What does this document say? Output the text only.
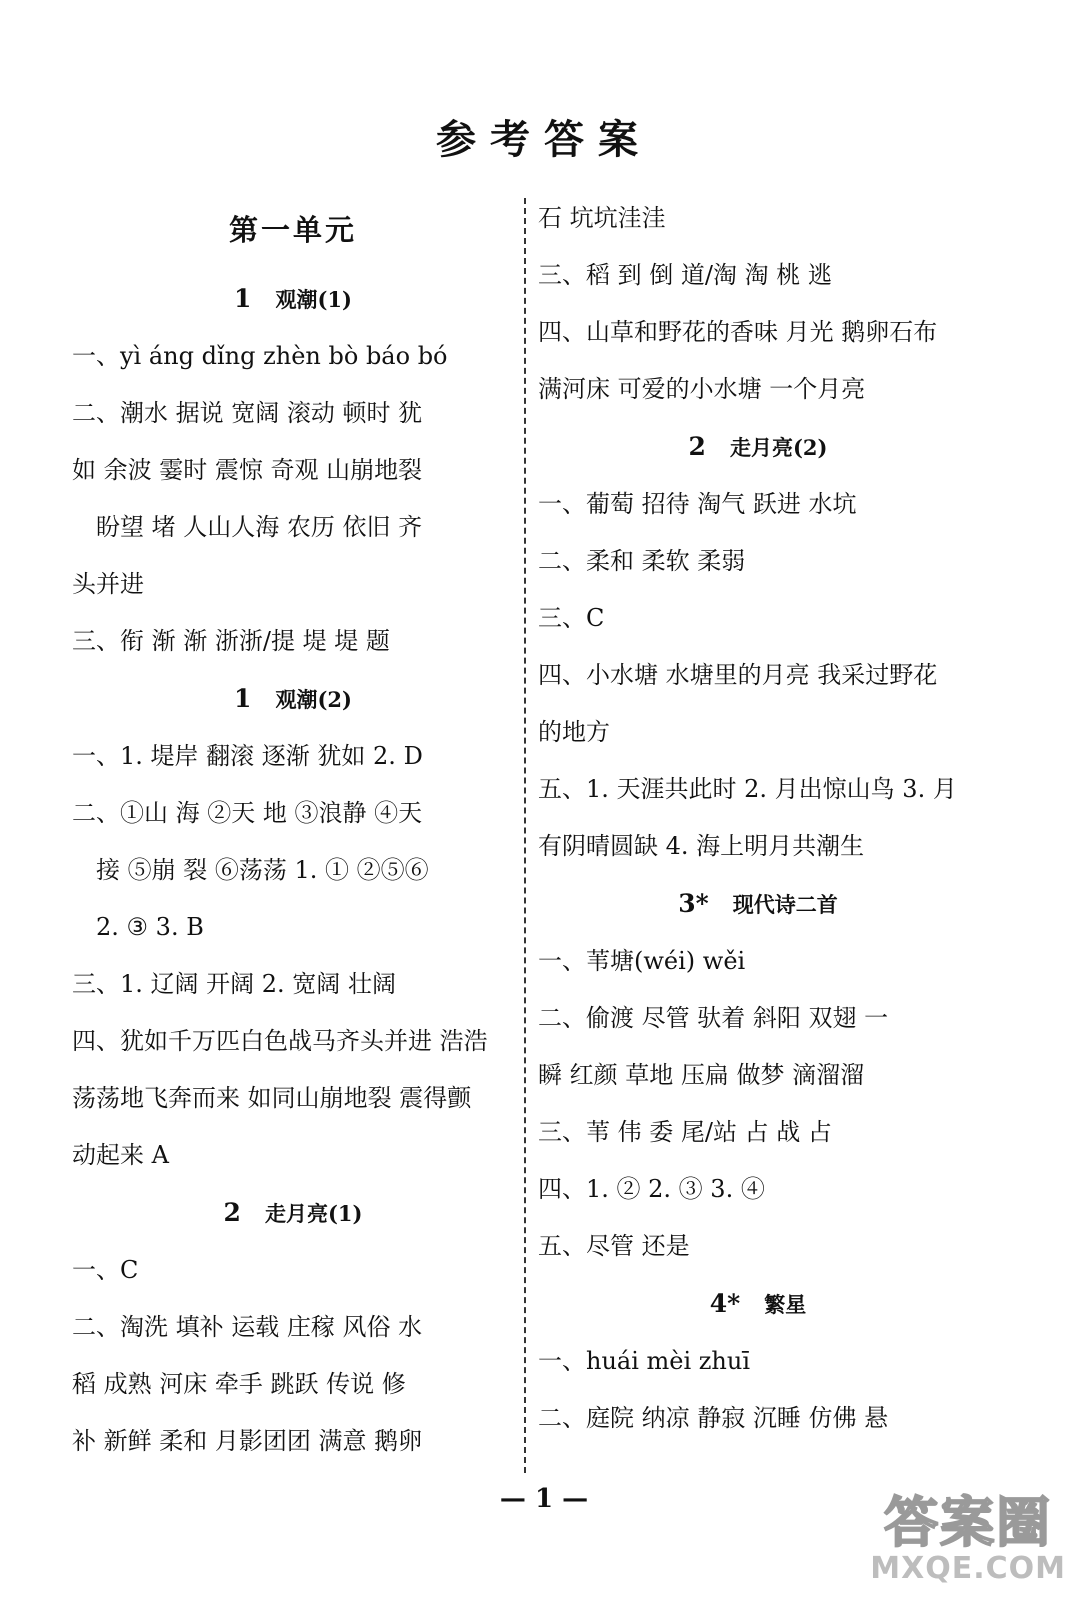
参考答案
第一单元
1 观潮(1)
一、yì áng dǐng zhèn bò báo bó
二、潮水 据说 宽阔 滚动 顿时 犹
如 余波 霎时 震惊 奇观 山崩地裂
盼望 堵 人山人海 农历 依旧 齐
头并进
三、衔 渐 渐 浙浙/提 堤 堤 题
1 观潮(2)
一、1. 堤岸 翻滚 逐渐 犹如 2. D
二、①山 海 ②天 地 ③浪静 ④天
接 ⑤崩 裂 ⑥荡荡 1. ① ②⑤⑥
2. ③ 3. B
三、1. 辽阔 开阔 2. 宽阔 壮阔
四、犹如千万匹白色战马齐头并进 浩浩
荡荡地飞奔而来 如同山崩地裂 震得颤
动起来 A
2 走月亮(1)
一、C
二、淘洗 填补 运载 庄稼 风俗 水
稻 成熟 河床 牵手 跳跃 传说 修
补 新鲜 柔和 月影团团 满意 鹅卵
石 坑坑洼洼
三、稻 到 倒 道/淘 淘 桃 逃
四、山草和野花的香味 月光 鹅卵石布
满河床 可爱的小水塘 一个月亮
2 走月亮(2)
一、葡萄 招待 淘气 跃进 水坑
二、柔和 柔软 柔弱
三、C
四、小水塘 水塘里的月亮 我采过野花
的地方
五、1. 天涯共此时 2. 月出惊山鸟 3. 月
有阴晴圆缺 4. 海上明月共潮生
3* 现代诗二首
一、苇塘(wéi) wěi
二、偷渡 尽管 驮着 斜阳 双翅 一
瞬 红颜 草地 压扁 做梦 滴溜溜
三、苇 伟 委 尾/站 占 战 占
四、1. ② 2. ③ 3. ④
五、尽管 还是
4* 繁星
一、huái mèi zhuī
二、庭院 纳凉 静寂 沉睡 仿佛 悬
— 1 —	答案圈
MXQE.COM
